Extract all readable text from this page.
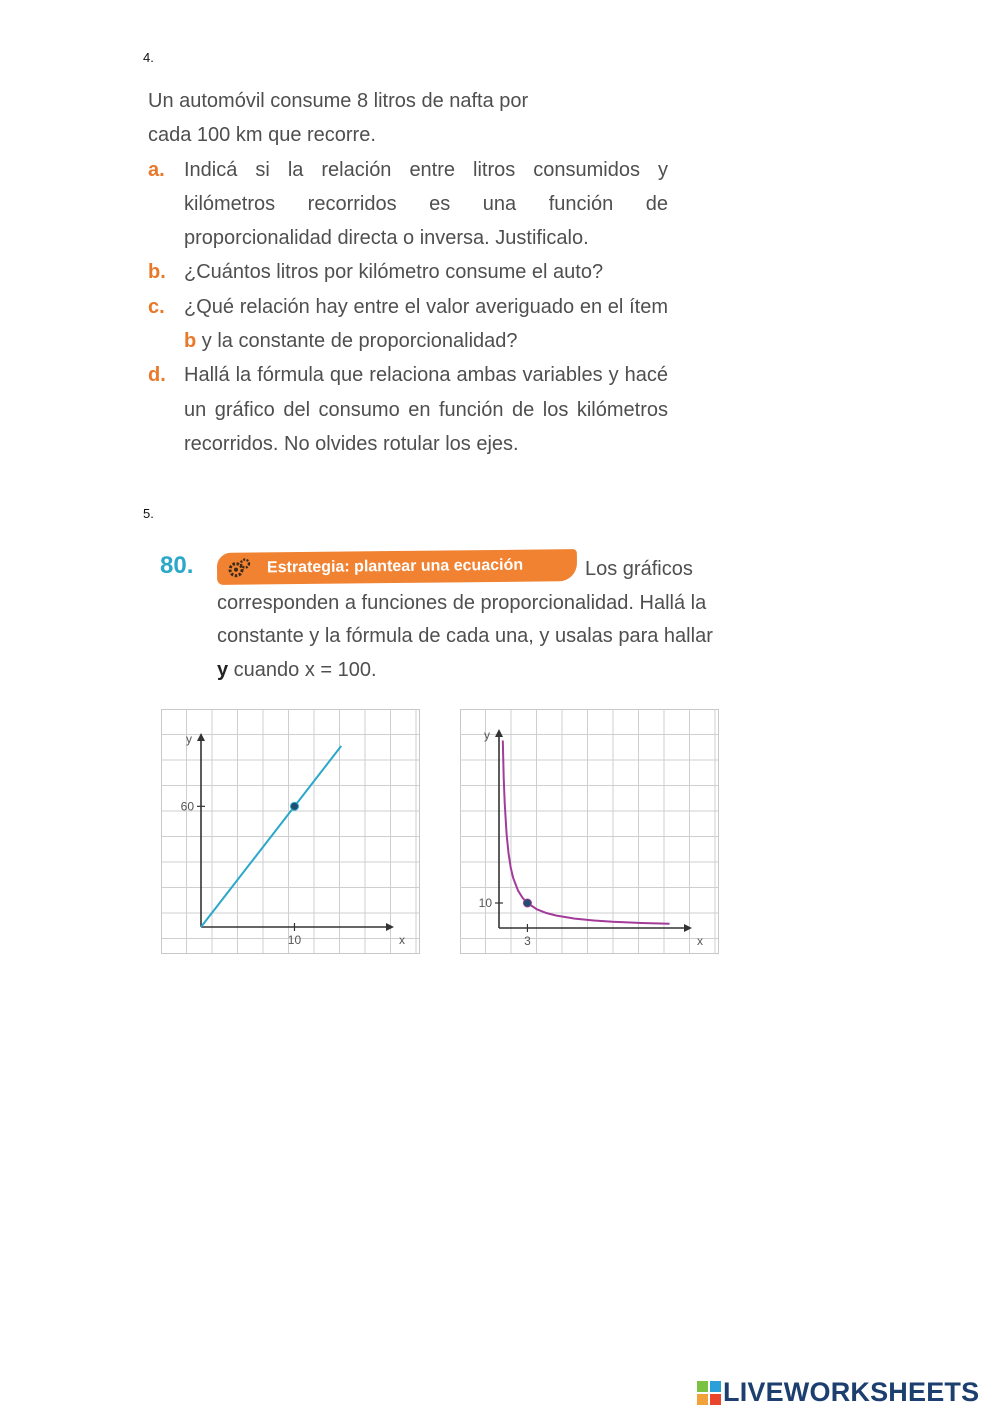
4.

Un automóvil consume 8 litros de nafta por
cada 100 km que recorre.

a. Indicá si la relación entre litros consumidos y kilómetros recorridos es una función de proporcionalidad directa o inversa. Justificalo.
b. ¿Cuántos litros por kilómetro consume el auto?
c. ¿Qué relación hay entre el valor averiguado en el ítem b y la constante de proporcionalidad?
d. Hallá la fórmula que relaciona ambas variables y hacé un gráfico del consumo en función de los kilómetros recorridos. No olvides rotular los ejes.
5.
80.	Estrategia: plantear una ecuación	Los gráficos corresponden a funciones de proporcionalidad. Hallá la constante y la fórmula de cada una, y usalas para hallar y cuando x = 100.
x
y
10
60
x
y
3
10
LIVEWORKSHEETS
